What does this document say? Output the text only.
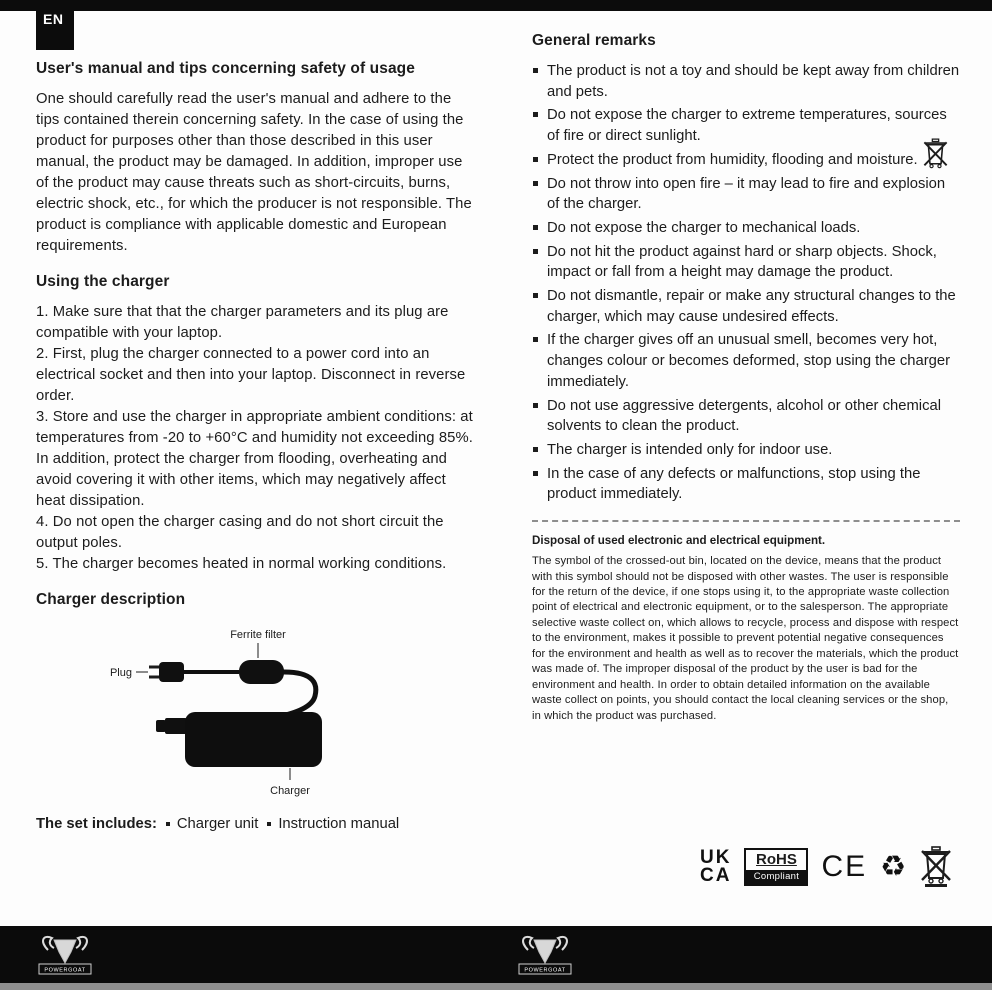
EN
User's manual and tips concerning safety of usage

One should carefully read the user's manual and adhere to the tips contained therein concerning safety. In the case of using the product for purposes other than those described in this user manual, the product may be damaged. In addition, improper use of the product may cause threats such as short-circuits, burns, electric shock, etc., for which the producer is not responsible. The product is compliance with applicable domestic and European requirements.

Using the charger

1. Make sure that that the charger parameters and its plug are compatible with your laptop.

2. First, plug the charger connected to a power cord into an electrical socket and then into your laptop. Disconnect in reverse order.

3. Store and use the charger in appropriate ambient conditions: at temperatures from -20 to +60°C and humidity not exceeding 85%. In addition, protect the charger from flooding, overheating and avoid covering it with other items, which may negatively affect heat dissipation.

4. Do not open the charger casing and do not short circuit the output poles.

5. The charger becomes heated in normal working conditions.

Charger description
Ferrite filter
Plug
Charger
The set includes: Charger unit Instruction manual
General remarks
The product is not a toy and should be kept away from children and pets.
Do not expose the charger to extreme temperatures, sources of fire or direct sunlight.
Protect the product from humidity, flooding and moisture.
Do not throw into open fire – it may lead to fire and explosion of the charger.
Do not expose the charger to mechanical loads.
Do not hit the product against hard or sharp objects. Shock, impact or fall from a height may damage the product.
Do not dismantle, repair or make any structural changes to the charger, which may cause undesired effects.
If the charger gives off an unusual smell, becomes very hot, changes colour or becomes deformed, stop using the charger immediately.
Do not use aggressive detergents, alcohol or other chemical solvents to clean the product.
The charger is intended only for indoor use.
In the case of any defects or malfunctions, stop using the product immediately.

Disposal of used electronic and electrical equipment.

The symbol of the crossed-out bin, located on the device, means that the product with this symbol should not be disposed with other wastes. The user is responsible for the return of the device, if one stops using it, to the appropriate waste collection point of electrical and electronic equipment, or to the salesperson. The appropriate selective waste collect on, which allows to recycle, process and dispose with respect to the environment, makes it possible to prevent potential negative consequences for the environment and health as well as to recover the materials, which the product was made of. The improper disposal of the product by the user is bad for the environment and health. In order to obtain detailed information on the available waste collect on points, you should contact the local cleaning services or the shop, in which the product was purchased.

UK
CA
RoHS
Compliant CE ♻
POWERGOAT	POWERGOAT
